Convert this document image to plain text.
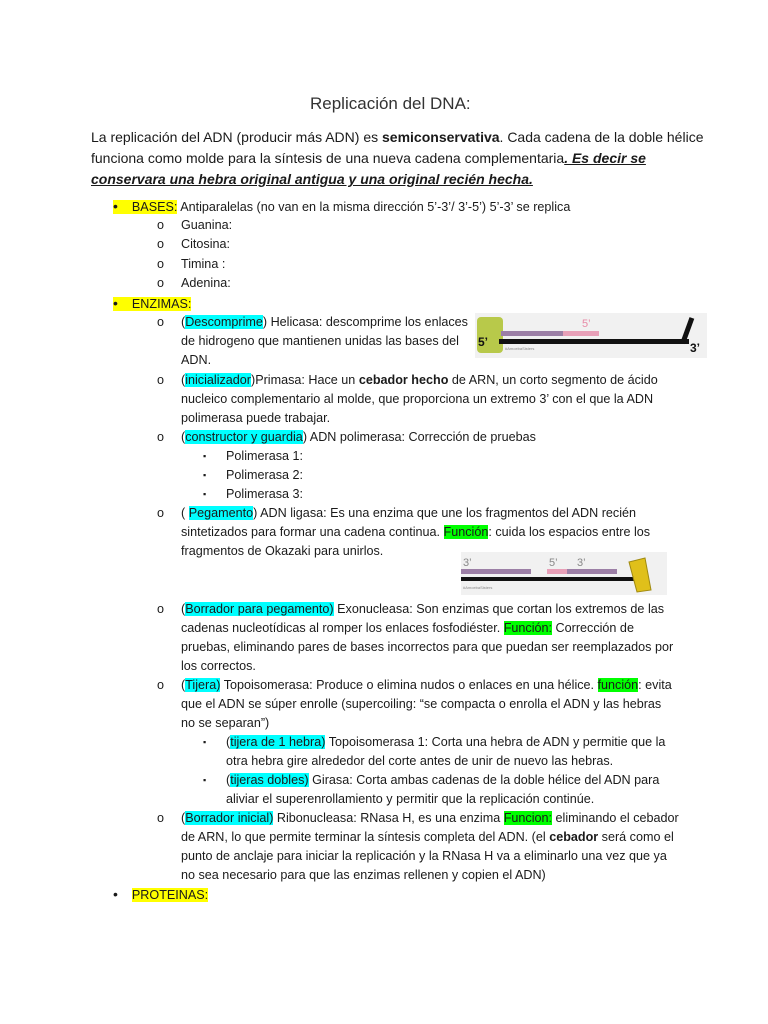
Replicación del DNA:
La replicación del ADN (producir más ADN) es semiconservativa. Cada cadena de la doble hélice
funciona como molde para la síntesis de una nueva cadena complementaria. Es decir se
conservara una hebra original antigua y una original recién hecha.
• BASES: Antiparalelas (no van en la misma dirección 5’-3’/ 3’-5’) 5’-3’ se replica
o Guanina:
o Citosina:
o Timina :
o Adenina:
• ENZIMAS:
o (Descomprime) Helicasa: descomprime los enlaces
de hidrogeno que mantienen unidas las bases del
ADN.
5’
5’
3’
#AmoebaSisters
o (inicializador)Primasa: Hace un cebador hecho de ARN, un corto segmento de ácido
nucleico complementario al molde, que proporciona un extremo 3’ con el que la ADN
polimerasa puede trabajar.
o (constructor y guardia) ADN polimerasa: Corrección de pruebas
▪ Polimerasa 1:
▪ Polimerasa 2:
▪ Polimerasa 3:
o ( Pegamento) ADN ligasa: Es una enzima que une los fragmentos del ADN recién
sintetizados para formar una cadena continua. Función: cuida los espacios entre los
fragmentos de Okazaki para unirlos.
3’	5’ 3’
#AmoebaSisters
o (Borrador para pegamento) Exonucleasa: Son enzimas que cortan los extremos de las
cadenas nucleotídicas al romper los enlaces fosfodiéster. Función: Corrección de
pruebas, eliminando pares de bases incorrectos para que puedan ser reemplazados por
los correctos.
o (Tijera) Topoisomerasa: Produce o elimina nudos o enlaces en una hélice. función: evita
que el ADN se súper enrolle (supercoiling: “se compacta o enrolla el ADN y las hebras
no se separan”)
▪ (tijera de 1 hebra) Topoisomerasa 1: Corta una hebra de ADN y permitie que la
otra hebra gire alrededor del corte antes de unir de nuevo las hebras.
▪ (tijeras dobles) Girasa: Corta ambas cadenas de la doble hélice del ADN para
aliviar el superenrollamiento y permitir que la replicación continúe.
o (Borrador inicial) Ribonucleasa: RNasa H, es una enzima Funcion: eliminando el cebador
de ARN, lo que permite terminar la síntesis completa del ADN. (el cebador será como el
punto de anclaje para iniciar la replicación y la RNasa H va a eliminarlo una vez que ya
no sea necesario para que las enzimas rellenen y copien el ADN)
• PROTEINAS:
